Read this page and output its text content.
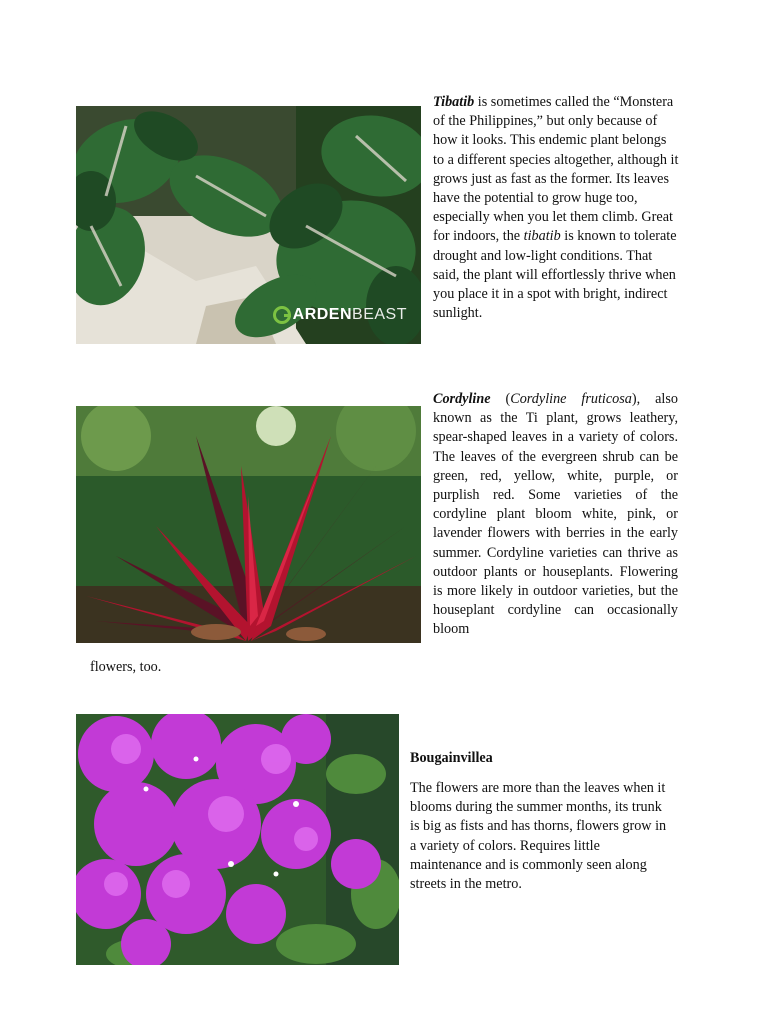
ARDEN BEAST
Tibatib is sometimes called the “Monstera of the Philippines,” but only because of how it looks. This endemic plant belongs to a different species altogether, although it grows just as fast as the former. Its leaves have the potential to grow huge too, especially when you let them climb. Great for indoors, the tibatib is known to tolerate drought and low-light conditions. That said, the plant will effortlessly thrive when you place it in a spot with bright, indirect sunlight.
Cordyline (Cordyline fruticosa), also known as the Ti plant, grows leathery, spear-shaped leaves in a variety of colors. The leaves of the evergreen shrub can be green, red, yellow, white, purple, or purplish red. Some varieties of the cordyline plant bloom white, pink, or lavender flowers with berries in the early summer. Cordyline varieties can thrive as outdoor plants or houseplants. Flowering is more likely in outdoor varieties, but the houseplant cordyline can occasionally bloom
flowers, too.
Bougainvillea
The flowers are more than the leaves when it blooms during the summer months, its trunk is big as fists and has thorns, flowers grow in a variety of colors. Requires little maintenance and is commonly seen along streets in the metro.
